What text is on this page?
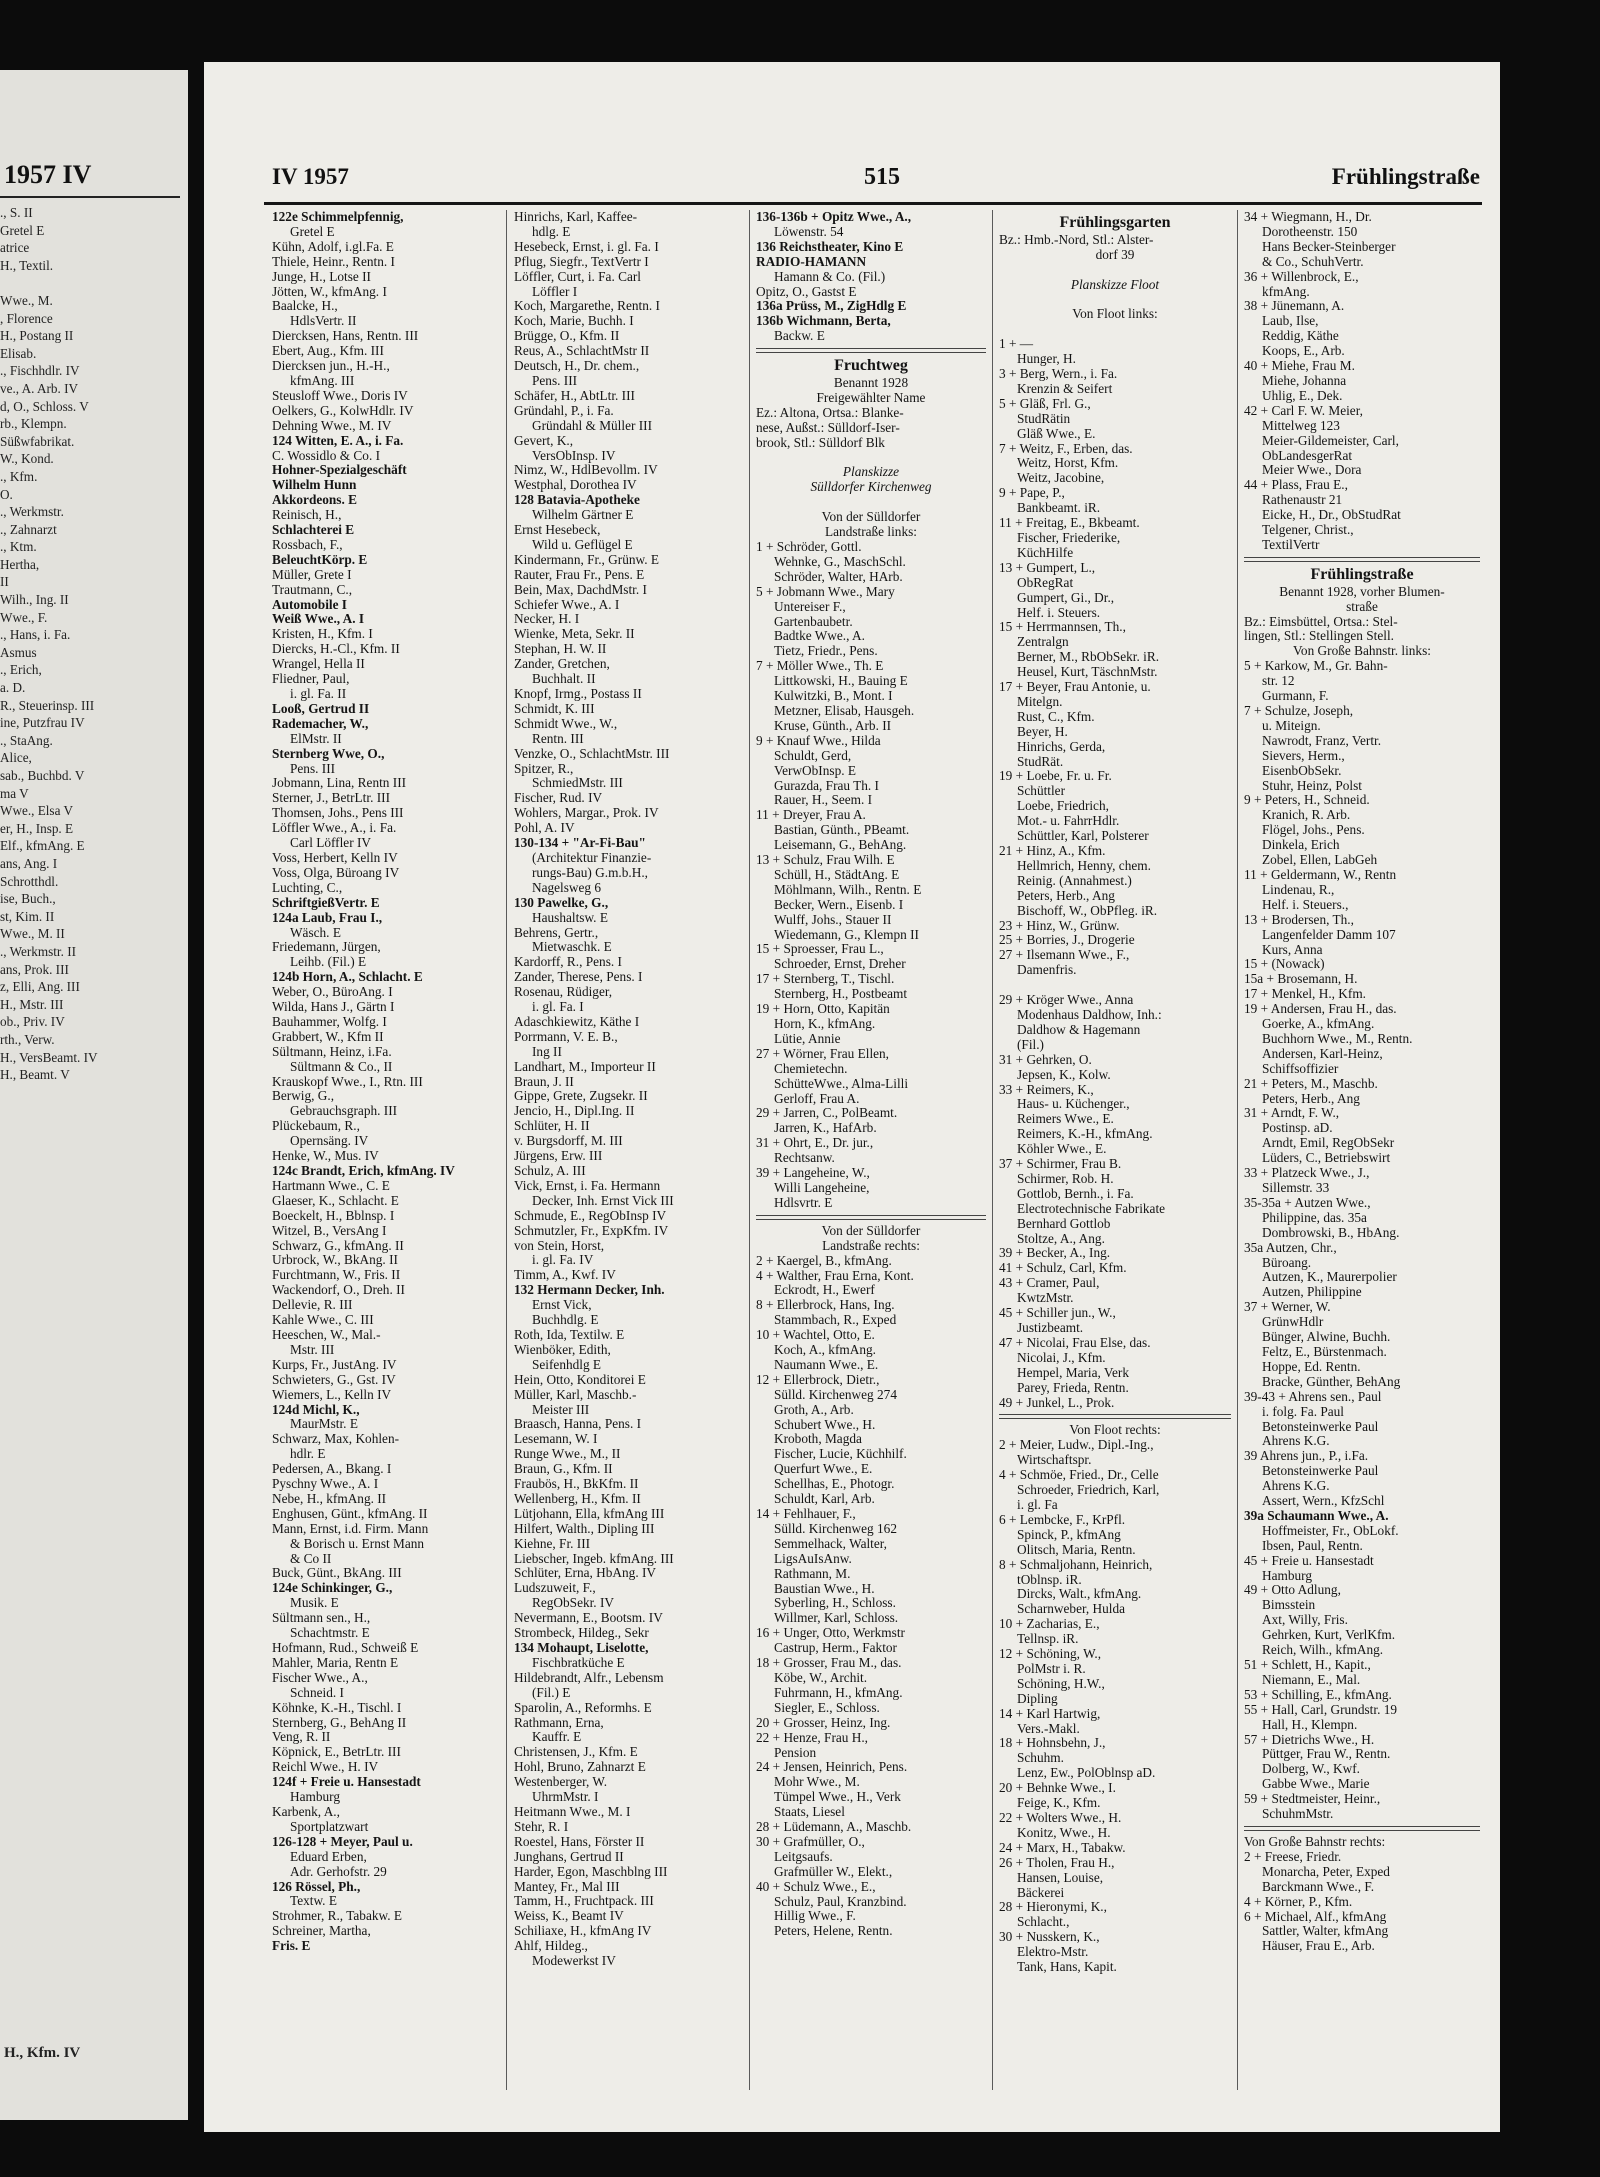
1957 IV
., S. II
Gretel E
atrice
H., Textil.

Wwe., M.
, Florence
H., Postang II
Elisab.
., Fischhdlr. IV
ve., A. Arb. IV
d, O., Schloss. V
rb., Klempn.
Süßwfabrikat.
W., Kond.
., Kfm.
O.
., Werkmstr.
., Zahnarzt
., Ktm.
Hertha,
II
Wilh., Ing. II
Wwe., F.
., Hans, i. Fa.
Asmus
., Erich,
a. D.
R., Steuerinsp. III
ine, Putzfrau IV
., StaAng.
Alice,
sab., Buchbd. V
ma V
Wwe., Elsa V
er, H., Insp. E
Elf., kfmAng. E
ans, Ang. I
Schrotthdl.
ise, Buch.,
st, Kim. II
Wwe., M. II
., Werkmstr. II
ans, Prok. III
z, Elli, Ang. III
H., Mstr. III
ob., Priv. IV
rth., Verw.
H., VersBeamt. IV
H., Beamt. V
H., Kfm. IV
IV 1957	515	Frühlingstraße
122e Schimmelpfennig,
Gretel E
Kühn, Adolf, i.gl.Fa. E
Thiele, Heinr., Rentn. I
Junge, H., Lotse II
Jötten, W., kfmAng. I
Baalcke, H.,
HdlsVertr. II
Diercksen, Hans, Rentn. III
Ebert, Aug., Kfm. III
Diercksen jun., H.-H.,
kfmAng. III
Steusloff Wwe., Doris IV
Oelkers, G., KolwHdlr. IV
Dehning Wwe., M. IV
124 Witten, E. A., i. Fa.
C. Wossidlo & Co. I
Hohner-Spezialgeschäft
Wilhelm Hunn
Akkordeons. E
Reinisch, H.,
Schlachterei E
Rossbach, F.,
BeleuchtKörp. E
Müller, Grete I
Trautmann, C.,
Automobile I
Weiß Wwe., A. I
Kristen, H., Kfm. I
Diercks, H.-Cl., Kfm. II
Wrangel, Hella II
Fliedner, Paul,
i. gl. Fa. II
Looß, Gertrud II
Rademacher, W.,
ElMstr. II
Sternberg Wwe, O.,
Pens. III
Jobmann, Lina, Rentn III
Sterner, J., BetrLtr. III
Thomsen, Johs., Pens III
Löffler Wwe., A., i. Fa.
Carl Löffler IV
Voss, Herbert, Kelln IV
Voss, Olga, Büroang IV
Luchting, C.,
SchriftgießVertr. E
124a Laub, Frau I.,
Wäsch. E
Friedemann, Jürgen,
Leihb. (Fil.) E
124b Horn, A., Schlacht. E
Weber, O., BüroAng. I
Wilda, Hans J., Gärtn I
Bauhammer, Wolfg. I
Grabbert, W., Kfm II
Sültmann, Heinz, i.Fa.
Sültmann & Co., II
Krauskopf Wwe., I., Rtn. III
Berwig, G.,
Gebrauchsgraph. III
Plückebaum, R.,
Opernsäng. IV
Henke, W., Mus. IV
124c Brandt, Erich, kfmAng. IV
Hartmann Wwe., C. E
Glaeser, K., Schlacht. E
Boeckelt, H., Bblnsp. I
Witzel, B., VersAng I
Schwarz, G., kfmAng. II
Urbrock, W., BkAng. II
Furchtmann, W., Fris. II
Wackendorf, O., Dreh. II
Dellevie, R. III
Kahle Wwe., C. III
Heeschen, W., Mal.-
Mstr. III
Kurps, Fr., JustAng. IV
Schwieters, G., Gst. IV
Wiemers, L., Kelln IV
124d Michl, K.,
MaurMstr. E
Schwarz, Max, Kohlen-
hdlr. E
Pedersen, A., Bkang. I
Pyschny Wwe., A. I
Nebe, H., kfmAng. II
Enghusen, Günt., kfmAng. II
Mann, Ernst, i.d. Firm. Mann
& Borisch u. Ernst Mann
& Co II
Buck, Günt., BkAng. III
124e Schinkinger, G.,
Musik. E
Sültmann sen., H.,
Schachtmstr. E
Hofmann, Rud., Schweiß E
Mahler, Maria, Rentn E
Fischer Wwe., A.,
Schneid. I
Köhnke, K.-H., Tischl. I
Sternberg, G., BehAng II
Veng, R. II
Köpnick, E., BetrLtr. III
Reichl Wwe., H. IV
124f + Freie u. Hansestadt
Hamburg
Karbenk, A.,
Sportplatzwart
126-128 + Meyer, Paul u.
Eduard Erben,
Adr. Gerhofstr. 29
126 Rössel, Ph.,
Textw. E
Strohmer, R., Tabakw. E
Schreiner, Martha,
Fris. E
Hinrichs, Karl, Kaffee-
hdlg. E
Hesebeck, Ernst, i. gl. Fa. I
Pflug, Siegfr., TextVertr I
Löffler, Curt, i. Fa. Carl
Löffler I
Koch, Margarethe, Rentn. I
Koch, Marie, Buchh. I
Brügge, O., Kfm. II
Reus, A., SchlachtMstr II
Deutsch, H., Dr. chem.,
Pens. III
Schäfer, H., AbtLtr. III
Gründahl, P., i. Fa.
Gründahl & Müller III
Gevert, K.,
VersObInsp. IV
Nimz, W., HdlBevollm. IV
Westphal, Dorothea IV
128 Batavia-Apotheke
Wilhelm Gärtner E
Ernst Hesebeck,
Wild u. Geflügel E
Kindermann, Fr., Grünw. E
Rauter, Frau Fr., Pens. E
Bein, Max, DachdMstr. I
Schiefer Wwe., A. I
Necker, H. I
Wienke, Meta, Sekr. II
Stephan, H. W. II
Zander, Gretchen,
Buchhalt. II
Knopf, Irmg., Postass II
Schmidt, K. III
Schmidt Wwe., W.,
Rentn. III
Venzke, O., SchlachtMstr. III
Spitzer, R.,
SchmiedMstr. III
Fischer, Rud. IV
Wohlers, Margar., Prok. IV
Pohl, A. IV
130-134 + "Ar-Fi-Bau"
(Architektur Finanzie-
rungs-Bau) G.m.b.H.,
Nagelsweg 6
130 Pawelke, G.,
Haushaltsw. E
Behrens, Gertr.,
Mietwaschk. E
Kardorff, R., Pens. I
Zander, Therese, Pens. I
Rosenau, Rüdiger,
i. gl. Fa. I
Adaschkiewitz, Käthe I
Porrmann, V. E. B.,
Ing II
Landhart, M., Importeur II
Braun, J. II
Gippe, Grete, Zugsekr. II
Jencio, H., Dipl.Ing. II
Schlüter, H. II
v. Burgsdorff, M. III
Jürgens, Erw. III
Schulz, A. III
Vick, Ernst, i. Fa. Hermann
Decker, Inh. Ernst Vick III
Schmude, E., RegObInsp IV
Schmutzler, Fr., ExpKfm. IV
von Stein, Horst,
i. gl. Fa. IV
Timm, A., Kwf. IV
132 Hermann Decker, Inh.
Ernst Vick,
Buchhdlg. E
Roth, Ida, Textilw. E
Wienböker, Edith,
Seifenhdlg E
Hein, Otto, Konditorei E
Müller, Karl, Maschb.-
Meister III
Braasch, Hanna, Pens. I
Lesemann, W. I
Runge Wwe., M., II
Braun, G., Kfm. II
Fraubös, H., BkKfm. II
Wellenberg, H., Kfm. II
Lütjohann, Ella, kfmAng III
Hilfert, Walth., Dipling III
Kiehne, Fr. III
Liebscher, Ingeb. kfmAng. III
Schlüter, Erna, HbAng. IV
Ludszuweit, F.,
RegObSekr. IV
Nevermann, E., Bootsm. IV
Strombeck, Hildeg., Sekr
134 Mohaupt, Liselotte,
Fischbratküche E
Hildebrandt, Alfr., Lebensm
(Fil.) E
Sparolin, A., Reformhs. E
Rathmann, Erna,
Kauffr. E
Christensen, J., Kfm. E
Hohl, Bruno, Zahnarzt E
Westenberger, W.
UhrmMstr. I
Heitmann Wwe., M. I
Stehr, R. I
Roestel, Hans, Förster II
Junghans, Gertrud II
Harder, Egon, Maschblng III
Mantey, Fr., Mal III
Tamm, H., Fruchtpack. III
Weiss, K., Beamt IV
Schiliaxe, H., kfmAng IV
Ahlf, Hildeg.,
Modewerkst IV
136-136b + Opitz Wwe., A.,
Löwenstr. 54
136 Reichstheater, Kino E
RADIO-HAMANN
Hamann & Co. (Fil.)
Opitz, O., Gastst E
136a Prüss, M., ZigHdlg E
136b Wichmann, Berta,
Backw. E
Fruchtweg
Benannt 1928
Freigewählter Name
Ez.: Altona, Ortsa.: Blanke-
nese, Außst.: Sülldorf-Iser-
brook, Stl.: Sülldorf Blk
Planskizze
Sülldorfer Kirchenweg
Von der Sülldorfer
Landstraße links:
1 + Schröder, Gottl.
Wehnke, G., MaschSchl.
Schröder, Walter, HArb.
5 + Jobmann Wwe., Mary
Untereiser F.,
Gartenbaubetr.
Badtke Wwe., A.
Tietz, Friedr., Pens.
7 + Möller Wwe., Th. E
Littkowski, H., Bauing E
Kulwitzki, B., Mont. I
Metzner, Elisab, Hausgeh.
Kruse, Günth., Arb. II
9 + Knauf Wwe., Hilda
Schuldt, Gerd,
VerwObInsp. E
Gurazda, Frau Th. I
Rauer, H., Seem. I
11 + Dreyer, Frau A.
Bastian, Günth., PBeamt.
Leisemann, G., BehAng.
13 + Schulz, Frau Wilh. E
Schüll, H., StädtAng. E
Möhlmann, Wilh., Rentn. E
Becker, Wern., Eisenb. I
Wulff, Johs., Stauer II
Wiedemann, G., Klempn II
15 + Sproesser, Frau L.,
Schroeder, Ernst, Dreher
17 + Sternberg, T., Tischl.
Sternberg, H., Postbeamt
19 + Horn, Otto, Kapitän
Horn, K., kfmAng.
Lütie, Annie
27 + Wörner, Frau Ellen,
Chemietechn.
SchütteWwe., Alma-Lilli
Gerloff, Frau A.
29 + Jarren, C., PolBeamt.
Jarren, K., HafArb.
31 + Ohrt, E., Dr. jur.,
Rechtsanw.
39 + Langeheine, W.,
Willi Langeheine,
Hdlsvrtr. E
Von der Sülldorfer
Landstraße rechts:
2 + Kaergel, B., kfmAng.
4 + Walther, Frau Erna, Kont.
Eckrodt, H., Ewerf
8 + Ellerbrock, Hans, Ing.
Stammbach, R., Exped
10 + Wachtel, Otto, E.
Koch, A., kfmAng.
Naumann Wwe., E.
12 + Ellerbrock, Dietr.,
Sülld. Kirchenweg 274
Groth, A., Arb.
Schubert Wwe., H.
Kroboth, Magda
Fischer, Lucie, Küchhilf.
Querfurt Wwe., E.
Schellhas, E., Photogr.
Schuldt, Karl, Arb.
14 + Fehlhauer, F.,
Sülld. Kirchenweg 162
Semmelhack, Walter,
LigsAuIsAnw.
Rathmann, M.
Baustian Wwe., H.
Syberling, H., Schloss.
Willmer, Karl, Schloss.
16 + Unger, Otto, Werkmstr
Castrup, Herm., Faktor
18 + Grosser, Frau M., das.
Köbe, W., Archit.
Fuhrmann, H., kfmAng.
Siegler, E., Schloss.
20 + Grosser, Heinz, Ing.
22 + Henze, Frau H.,
Pension
24 + Jensen, Heinrich, Pens.
Mohr Wwe., M.
Tümpel Wwe., H., Verk
Staats, Liesel
28 + Lüdemann, A., Maschb.
30 + Grafmüller, O.,
Leitgsaufs.
Grafmüller W., Elekt.,
40 + Schulz Wwe., E.,
Schulz, Paul, Kranzbind.
Hillig Wwe., F.
Peters, Helene, Rentn.
Frühlingsgarten
Bz.: Hmb.-Nord, Stl.: Alster-
dorf 39
Planskizze Floot
Von Floot links:
1 + —
Hunger, H.
3 + Berg, Wern., i. Fa.
Krenzin & Seifert
5 + Gläß, Frl. G.,
StudRätin
Gläß Wwe., E.
7 + Weitz, F., Erben, das.
Weitz, Horst, Kfm.
Weitz, Jacobine,
9 + Pape, P.,
Bankbeamt. iR.
11 + Freitag, E., Bkbeamt.
Fischer, Friederike,
KüchHilfe
13 + Gumpert, L.,
ObRegRat
Gumpert, Gi., Dr.,
Helf. i. Steuers.
15 + Herrmannsen, Th.,
Zentralgn
Berner, M., RbObSekr. iR.
Heusel, Kurt, TäschnMstr.
17 + Beyer, Frau Antonie, u.
Mitelgn.
Rust, C., Kfm.
Beyer, H.
Hinrichs, Gerda,
StudRät.
19 + Loebe, Fr. u. Fr.
Schüttler
Loebe, Friedrich,
Mot.- u. FahrrHdlr.
Schüttler, Karl, Polsterer
21 + Hinz, A., Kfm.
Hellmrich, Henny, chem.
Reinig. (Annahmest.)
Peters, Herb., Ang
Bischoff, W., ObPfleg. iR.
23 + Hinz, W., Grünw.
25 + Borries, J., Drogerie
27 + Ilsemann Wwe., F.,
Damenfris.
29 + Kröger Wwe., Anna
Modenhaus Daldhow, Inh.:
Daldhow & Hagemann
(Fil.)
31 + Gehrken, O.
Jepsen, K., Kolw.
33 + Reimers, K.,
Haus- u. Küchenger.,
Reimers Wwe., E.
Reimers, K.-H., kfmAng.
Köhler Wwe., E.
37 + Schirmer, Frau B.
Schirmer, Rob. H.
Gottlob, Bernh., i. Fa.
Electrotechnische Fabrikate
Bernhard Gottlob
Stoltze, A., Ang.
39 + Becker, A., Ing.
41 + Schulz, Carl, Kfm.
43 + Cramer, Paul,
KwtzMstr.
45 + Schiller jun., W.,
Justizbeamt.
47 + Nicolai, Frau Else, das.
Nicolai, J., Kfm.
Hempel, Maria, Verk
Parey, Frieda, Rentn.
49 + Junkel, L., Prok.
Von Floot rechts:
2 + Meier, Ludw., Dipl.-Ing.,
Wirtschaftspr.
4 + Schmöe, Fried., Dr., Celle
Schroeder, Friedrich, Karl,
i. gl. Fa
6 + Lembcke, F., KrPfl.
Spinck, P., kfmAng
Olitsch, Maria, Rentn.
8 + Schmaljohann, Heinrich,
tOblnsp. iR.
Dircks, Walt., kfmAng.
Scharnweber, Hulda
10 + Zacharias, E.,
Tellnsp. iR.
12 + Schöning, W.,
PolMstr i. R.
Schöning, H.W.,
Dipling
14 + Karl Hartwig,
Vers.-Makl.
18 + Hohnsbehn, J.,
Schuhm.
Lenz, Ew., PolOblnsp aD.
20 + Behnke Wwe., I.
Feige, K., Kfm.
22 + Wolters Wwe., H.
Konitz, Wwe., H.
24 + Marx, H., Tabakw.
26 + Tholen, Frau H.,
Hansen, Louise,
Bäckerei
28 + Hieronymi, K.,
Schlacht.,
30 + Nusskern, K.,
Elektro-Mstr.
Tank, Hans, Kapit.
34 + Wiegmann, H., Dr.
Dorotheenstr. 150
Hans Becker-Steinberger
& Co., SchuhVertr.
36 + Willenbrock, E.,
kfmAng.
38 + Jünemann, A.
Laub, Ilse,
Reddig, Käthe
Koops, E., Arb.
40 + Miehe, Frau M.
Miehe, Johanna
Uhlig, E., Dek.
42 + Carl F. W. Meier,
Mittelweg 123
Meier-Gildemeister, Carl,
ObLandesgerRat
Meier Wwe., Dora
44 + Plass, Frau E.,
Rathenaustr 21
Eicke, H., Dr., ObStudRat
Telgener, Christ.,
TextilVertr
Frühlingstraße
Benannt 1928, vorher Blumen-
straße
Bz.: Eimsbüttel, Ortsa.: Stel-
lingen, Stl.: Stellingen Stell.
Von Große Bahnstr. links:
5 + Karkow, M., Gr. Bahn-
str. 12
Gurmann, F.
7 + Schulze, Joseph,
u. Miteign.
Nawrodt, Franz, Vertr.
Sievers, Herm.,
EisenbObSekr.
Stuhr, Heinz, Polst
9 + Peters, H., Schneid.
Kranich, R. Arb.
Flögel, Johs., Pens.
Dinkela, Erich
Zobel, Ellen, LabGeh
11 + Geldermann, W., Rentn
Lindenau, R.,
Helf. i. Steuers.,
13 + Brodersen, Th.,
Langenfelder Damm 107
Kurs, Anna
15 + (Nowack)
15a + Brosemann, H.
17 + Menkel, H., Kfm.
19 + Andersen, Frau H., das.
Goerke, A., kfmAng.
Buchhorn Wwe., M., Rentn.
Andersen, Karl-Heinz,
Schiffsoffizier
21 + Peters, M., Maschb.
Peters, Herb., Ang
31 + Arndt, F. W.,
Postinsp. aD.
Arndt, Emil, RegObSekr
Lüders, C., Betriebswirt
33 + Platzeck Wwe., J.,
Sillemstr. 33
35-35a + Autzen Wwe.,
Philippine, das. 35a
Dombrowski, B., HbAng.
35a Autzen, Chr.,
Büroang.
Autzen, K., Maurerpolier
Autzen, Philippine
37 + Werner, W.
GrünwHdlr
Bünger, Alwine, Buchh.
Feltz, E., Bürstenmach.
Hoppe, Ed. Rentn.
Bracke, Günther, BehAng
39-43 + Ahrens sen., Paul
i. folg. Fa. Paul
Betonsteinwerke Paul
Ahrens K.G.
39 Ahrens jun., P., i.Fa.
Betonsteinwerke Paul
Ahrens K.G.
Assert, Wern., KfzSchl
39a Schaumann Wwe., A.
Hoffmeister, Fr., ObLokf.
Ibsen, Paul, Rentn.
45 + Freie u. Hansestadt
Hamburg
49 + Otto Adlung,
Bimsstein
Axt, Willy, Fris.
Gehrken, Kurt, VerlKfm.
Reich, Wilh., kfmAng.
51 + Schlett, H., Kapit.,
Niemann, E., Mal.
53 + Schilling, E., kfmAng.
55 + Hall, Carl, Grundstr. 19
Hall, H., Klempn.
57 + Dietrichs Wwe., H.
Püttger, Frau W., Rentn.
Dolberg, W., Kwf.
Gabbe Wwe., Marie
59 + Stedtmeister, Heinr.,
SchuhmMstr.
Von Große Bahnstr rechts:
2 + Freese, Friedr.
Monarcha, Peter, Exped
Barckmann Wwe., F.
4 + Körner, P., Kfm.
6 + Michael, Alf., kfmAng
Sattler, Walter, kfmAng
Häuser, Frau E., Arb.
